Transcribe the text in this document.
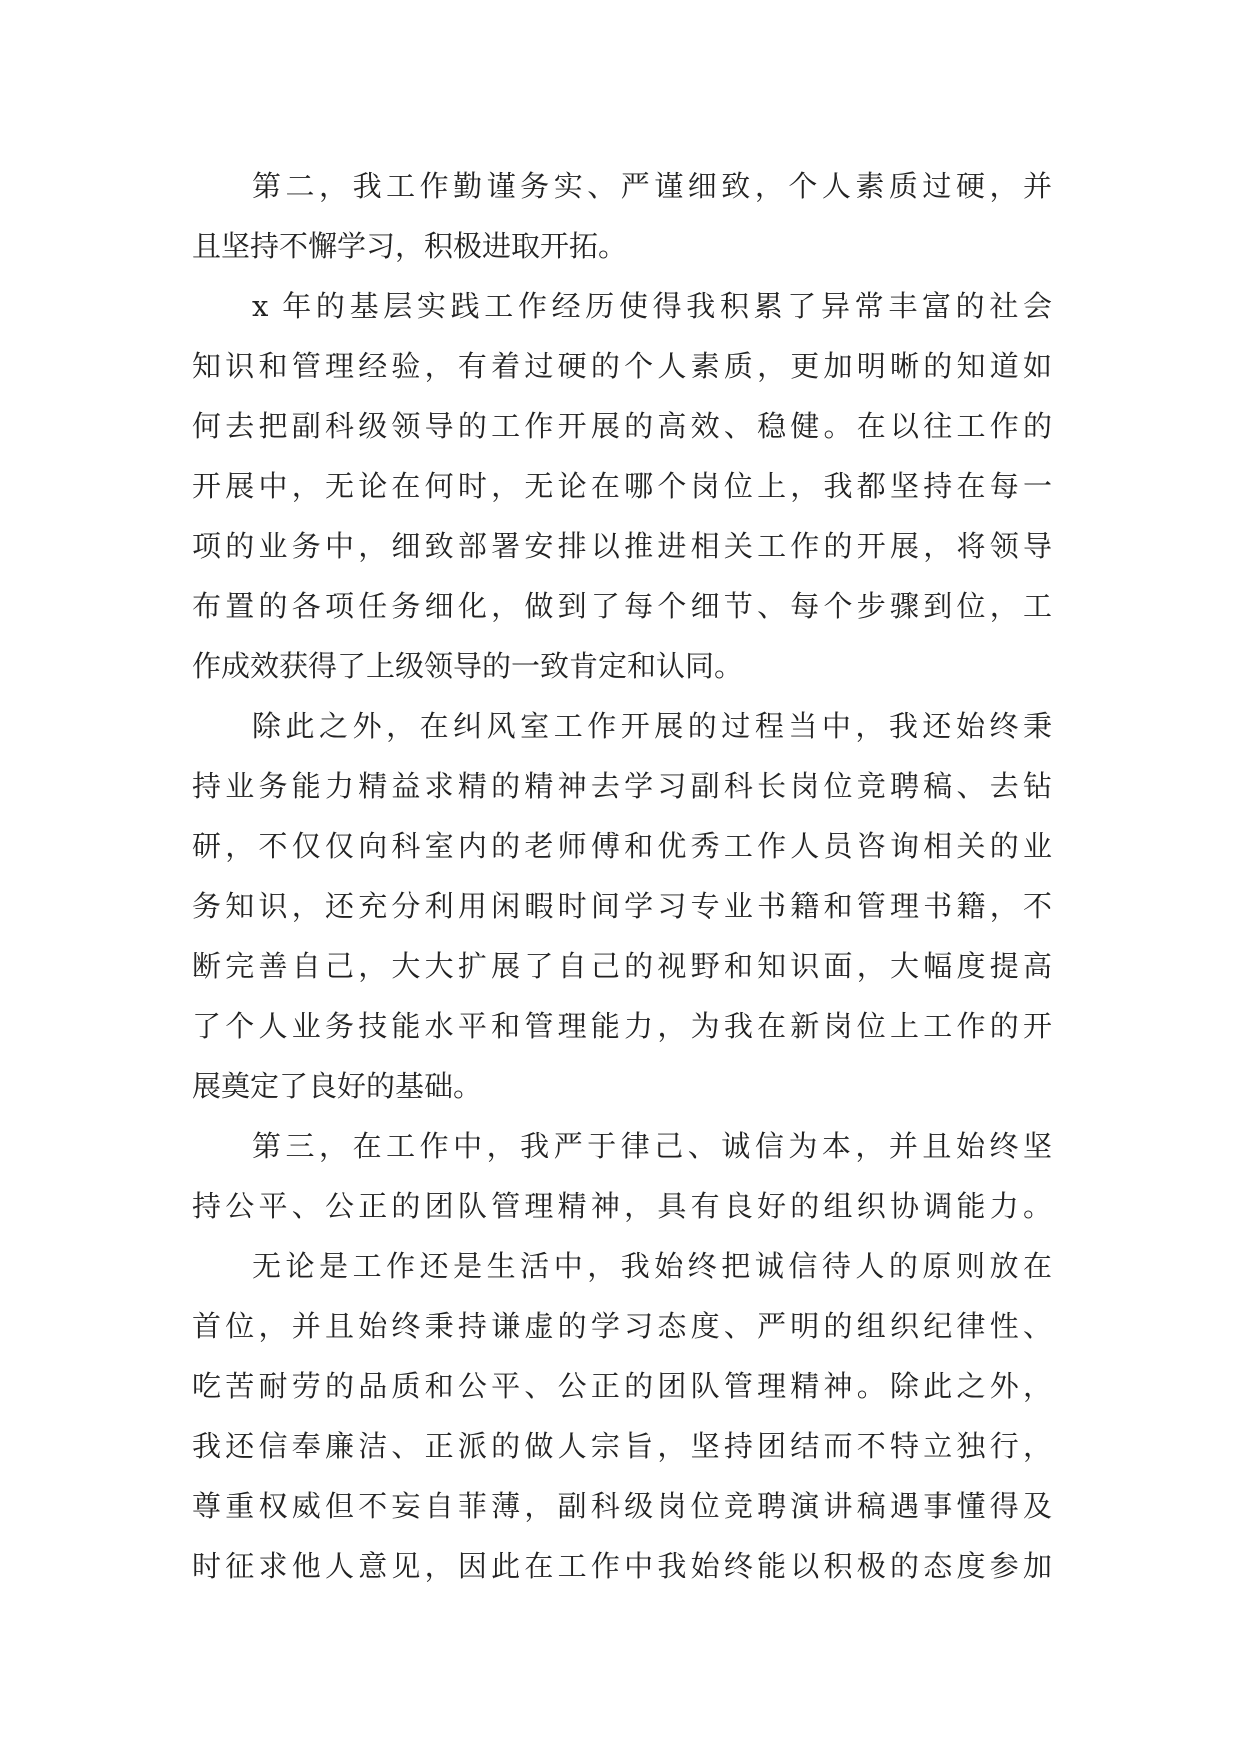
第二，我工作勤谨务实、严谨细致，个人素质过硬，并
且坚持不懈学习，积极进取开拓。
x 年的基层实践工作经历使得我积累了异常丰富的社会
知识和管理经验，有着过硬的个人素质，更加明晰的知道如
何去把副科级领导的工作开展的高效、稳健。在以往工作的
开展中，无论在何时，无论在哪个岗位上，我都坚持在每一
项的业务中，细致部署安排以推进相关工作的开展，将领导
布置的各项任务细化，做到了每个细节、每个步骤到位，工
作成效获得了上级领导的一致肯定和认同。
除此之外，在纠风室工作开展的过程当中，我还始终秉
持业务能力精益求精的精神去学习副科长岗位竞聘稿、去钻
研，不仅仅向科室内的老师傅和优秀工作人员咨询相关的业
务知识，还充分利用闲暇时间学习专业书籍和管理书籍，不
断完善自己，大大扩展了自己的视野和知识面，大幅度提高
了个人业务技能水平和管理能力，为我在新岗位上工作的开
展奠定了良好的基础。
第三，在工作中，我严于律己、诚信为本，并且始终坚
持公平、公正的团队管理精神，具有良好的组织协调能力。
无论是工作还是生活中，我始终把诚信待人的原则放在
首位，并且始终秉持谦虚的学习态度、严明的组织纪律性、
吃苦耐劳的品质和公平、公正的团队管理精神。除此之外，
我还信奉廉洁、正派的做人宗旨，坚持团结而不特立独行，
尊重权威但不妄自菲薄，副科级岗位竞聘演讲稿遇事懂得及
时征求他人意见，因此在工作中我始终能以积极的态度参加
